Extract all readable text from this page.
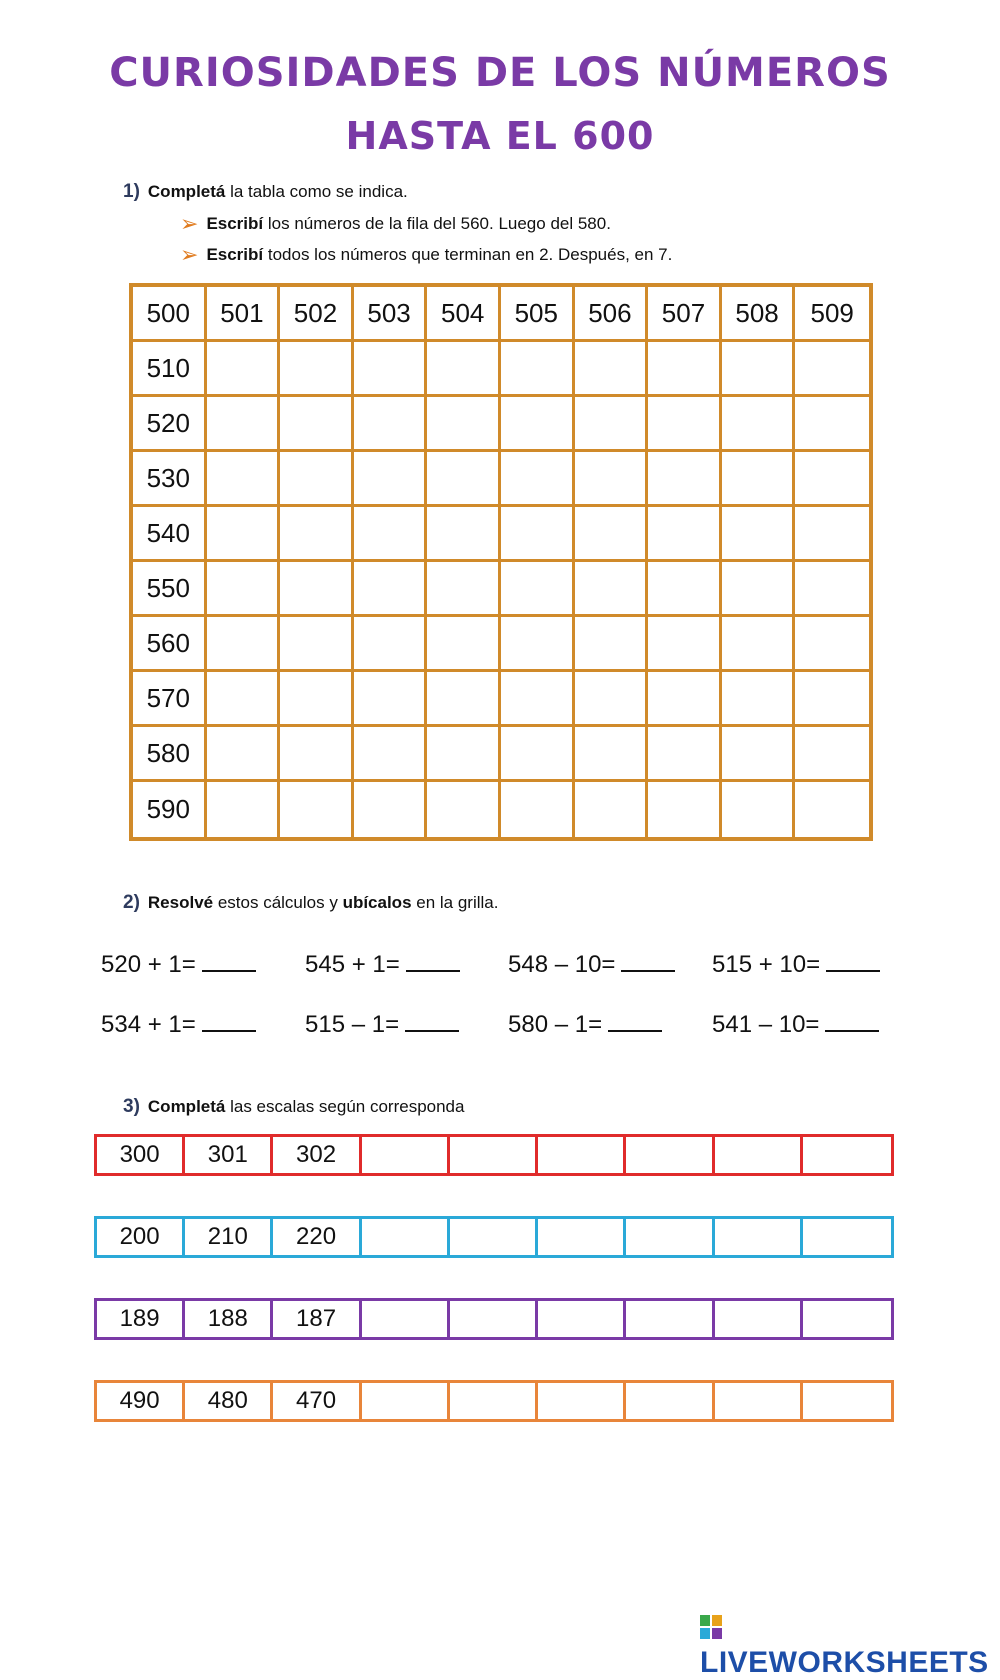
CURIOSIDADES DE LOS NÚMEROS
HASTA EL 600
1) Completá la tabla como se indica.
➢ Escribí los números de la fila del 560. Luego del 580.
➢ Escribí todos los números que terminan en 2. Después, en 7.
500	501	502	503	504	505	506	507	508	509
510
520
530
540
550
560
570
580
590
2) Resolvé estos cálculos y ubícalos en la grilla.
520 + 1=	545 + 1=	548 – 10=	515 + 10=
534 + 1=	515 – 1=	580 – 1=	541 – 10=
3) Completá las escalas según corresponda
300	301	302
200	210	220
189	188	187
490	480	470
LIVEWORKSHEETS
